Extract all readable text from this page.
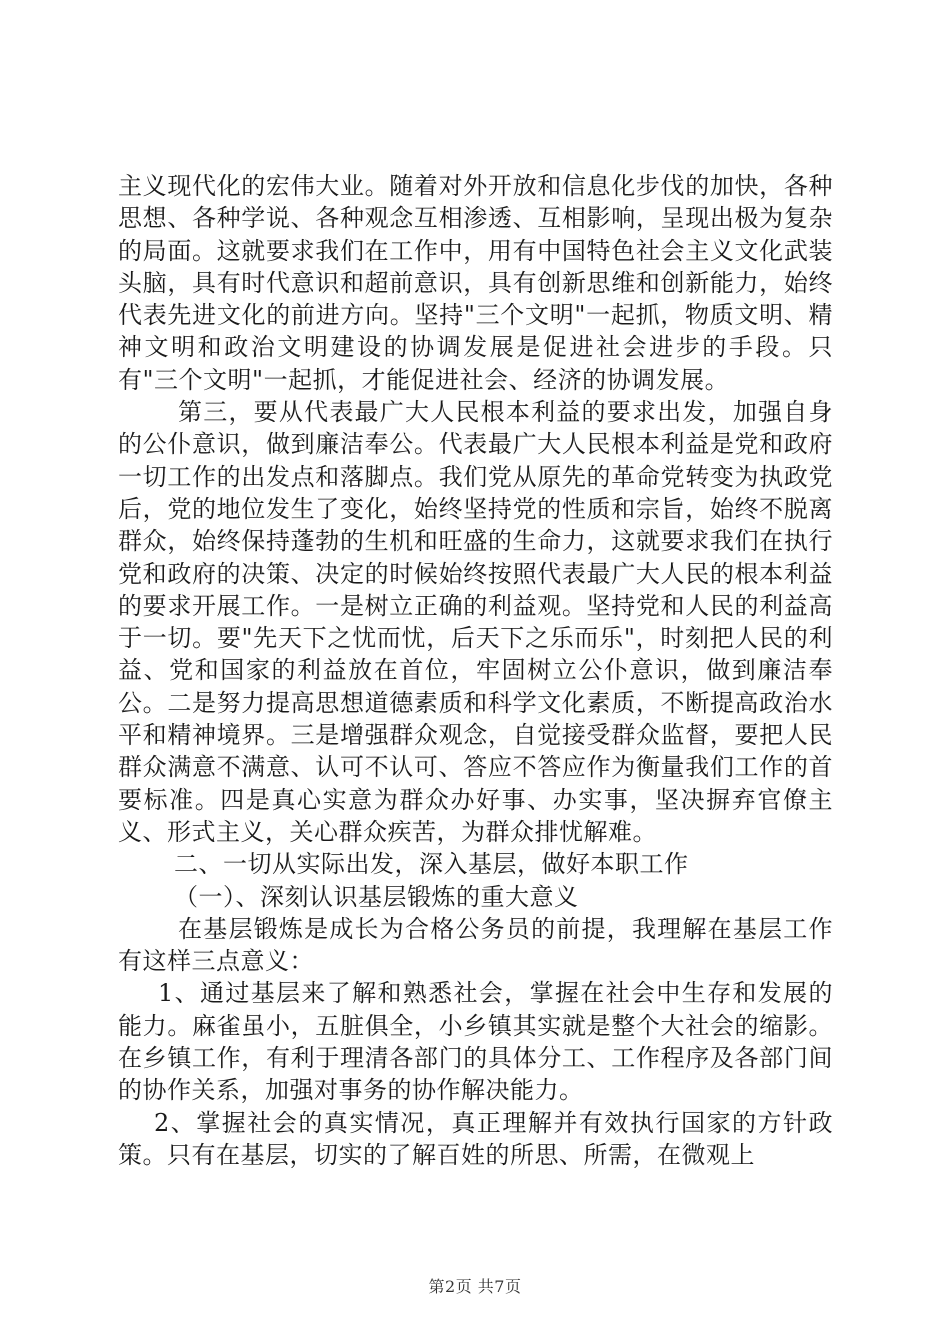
主义现代化的宏伟大业。随着对外开放和信息化步伐的加快，各种思想、各种学说、各种观念互相渗透、互相影响，呈现出极为复杂的局面。这就要求我们在工作中，用有中国特色社会主义文化武装头脑，具有时代意识和超前意识，具有创新思维和创新能力，始终代表先进文化的前进方向。坚持"三个文明"一起抓，物质文明、精神文明和政治文明建设的协调发展是促进社会进步的手段。只有"三个文明"一起抓，才能促进社会、经济的协调发展。

第三，要从代表最广大人民根本利益的要求出发，加强自身的公仆意识，做到廉洁奉公。代表最广大人民根本利益是党和政府一切工作的出发点和落脚点。我们党从原先的革命党转变为执政党后，党的地位发生了变化，始终坚持党的性质和宗旨，始终不脱离群众，始终保持蓬勃的生机和旺盛的生命力，这就要求我们在执行党和政府的决策、决定的时候始终按照代表最广大人民的根本利益的要求开展工作。一是树立正确的利益观。坚持党和人民的利益高于一切。要"先天下之忧而忧，后天下之乐而乐"，时刻把人民的利益、党和国家的利益放在首位，牢固树立公仆意识，做到廉洁奉公。二是努力提高思想道德素质和科学文化素质，不断提高政治水平和精神境界。三是增强群众观念，自觉接受群众监督，要把人民群众满意不满意、认可不认可、答应不答应作为衡量我们工作的首要标准。四是真心实意为群众办好事、办实事，坚决摒弃官僚主义、形式主义，关心群众疾苦，为群众排忧解难。

二、一切从实际出发，深入基层，做好本职工作

（一）、深刻认识基层锻炼的重大意义

在基层锻炼是成长为合格公务员的前提，我理解在基层工作有这样三点意义：

1、通过基层来了解和熟悉社会，掌握在社会中生存和发展的能力。麻雀虽小，五脏俱全，小乡镇其实就是整个大社会的缩影。在乡镇工作，有利于理清各部门的具体分工、工作程序及各部门间的协作关系，加强对事务的协作解决能力。

2、掌握社会的真实情况，真正理解并有效执行国家的方针政策。只有在基层，切实的了解百姓的所思、所需，在微观上

第2页 共7页
